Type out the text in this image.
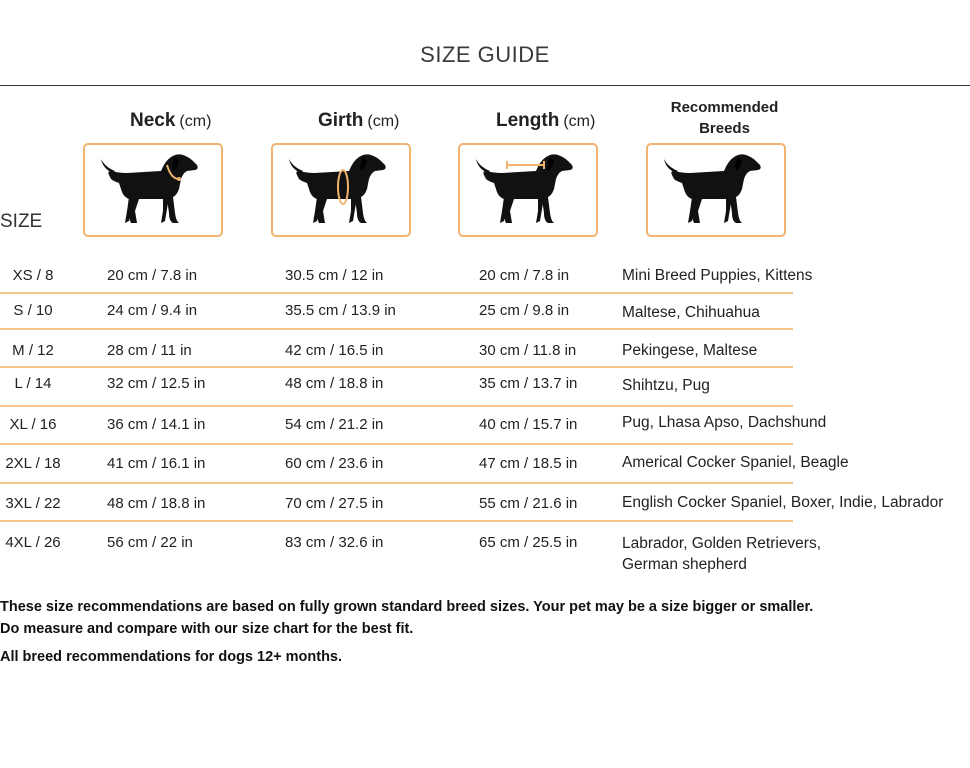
SIZE GUIDE
Neck (cm)	Girth (cm)	Length (cm)
Recommended
Breeds
SIZE
XS / 8	20 cm / 7.8 in	30.5 cm / 12 in	20 cm / 7.8 in	Mini Breed Puppies, Kittens
S / 10	24 cm / 9.4 in	35.5 cm / 13.9 in	25 cm / 9.8 in	Maltese, Chihuahua
M / 12	28 cm / 11 in	42 cm / 16.5 in	30 cm / 11.8 in	Pekingese, Maltese
L / 14	32 cm / 12.5 in	48 cm / 18.8 in	35 cm / 13.7 in	Shihtzu, Pug
XL / 16	36 cm / 14.1 in	54 cm / 21.2 in	40 cm / 15.7 in	Pug, Lhasa Apso, Dachshund
2XL / 18	41 cm / 16.1 in	60 cm / 23.6 in	47 cm / 18.5 in	Americal Cocker Spaniel, Beagle
3XL / 22	48 cm / 18.8 in	70 cm / 27.5 in	55 cm / 21.6 in	English Cocker Spaniel, Boxer, Indie, Labrador
4XL / 26	56 cm / 22 in	83 cm / 32.6 in	65 cm / 25.5 in	Labrador, Golden Retrievers,
German shepherd
These size recommendations are based on fully grown standard breed sizes. Your pet may be a size bigger or smaller.
Do measure and compare with our size chart for the best fit.
All breed recommendations for dogs 12+ months.
